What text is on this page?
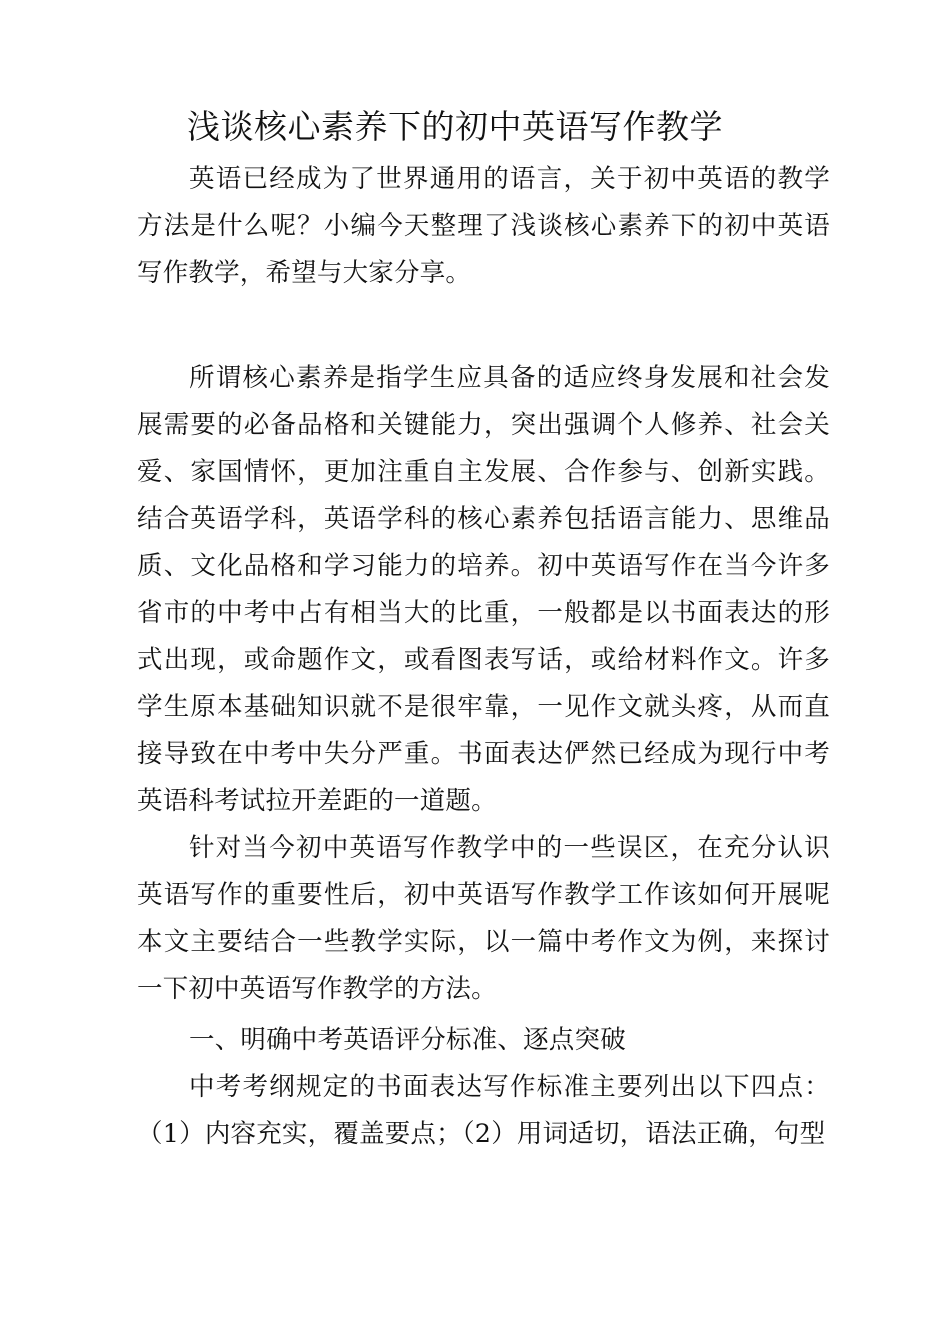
浅谈核心素养下的初中英语写作教学

英语已经成为了世界通用的语言，关于初中英语的教学方法是什么呢？小编今天整理了浅谈核心素养下的初中英语写作教学，希望与大家分享。

所谓核心素养是指学生应具备的适应终身发展和社会发展需要的必备品格和关键能力，突出强调个人修养、社会关爱、家国情怀，更加注重自主发展、合作参与、创新实践。结合英语学科，英语学科的核心素养包括语言能力、思维品质、文化品格和学习能力的培养。初中英语写作在当今许多省市的中考中占有相当大的比重，一般都是以书面表达的形式出现，或命题作文，或看图表写话，或给材料作文。许多学生原本基础知识就不是很牢靠，一见作文就头疼，从而直接导致在中考中失分严重。书面表达俨然已经成为现行中考英语科考试拉开差距的一道题。

针对当今初中英语写作教学中的一些误区，在充分认识英语写作的重要性后，初中英语写作教学工作该如何开展呢本文主要结合一些教学实际，以一篇中考作文为例，来探讨一下初中英语写作教学的方法。

一、明确中考英语评分标准、逐点突破

中考考纲规定的书面表达写作标准主要列出以下四点：（1）内容充实，覆盖要点；（2）用词适切，语法正确，句型
